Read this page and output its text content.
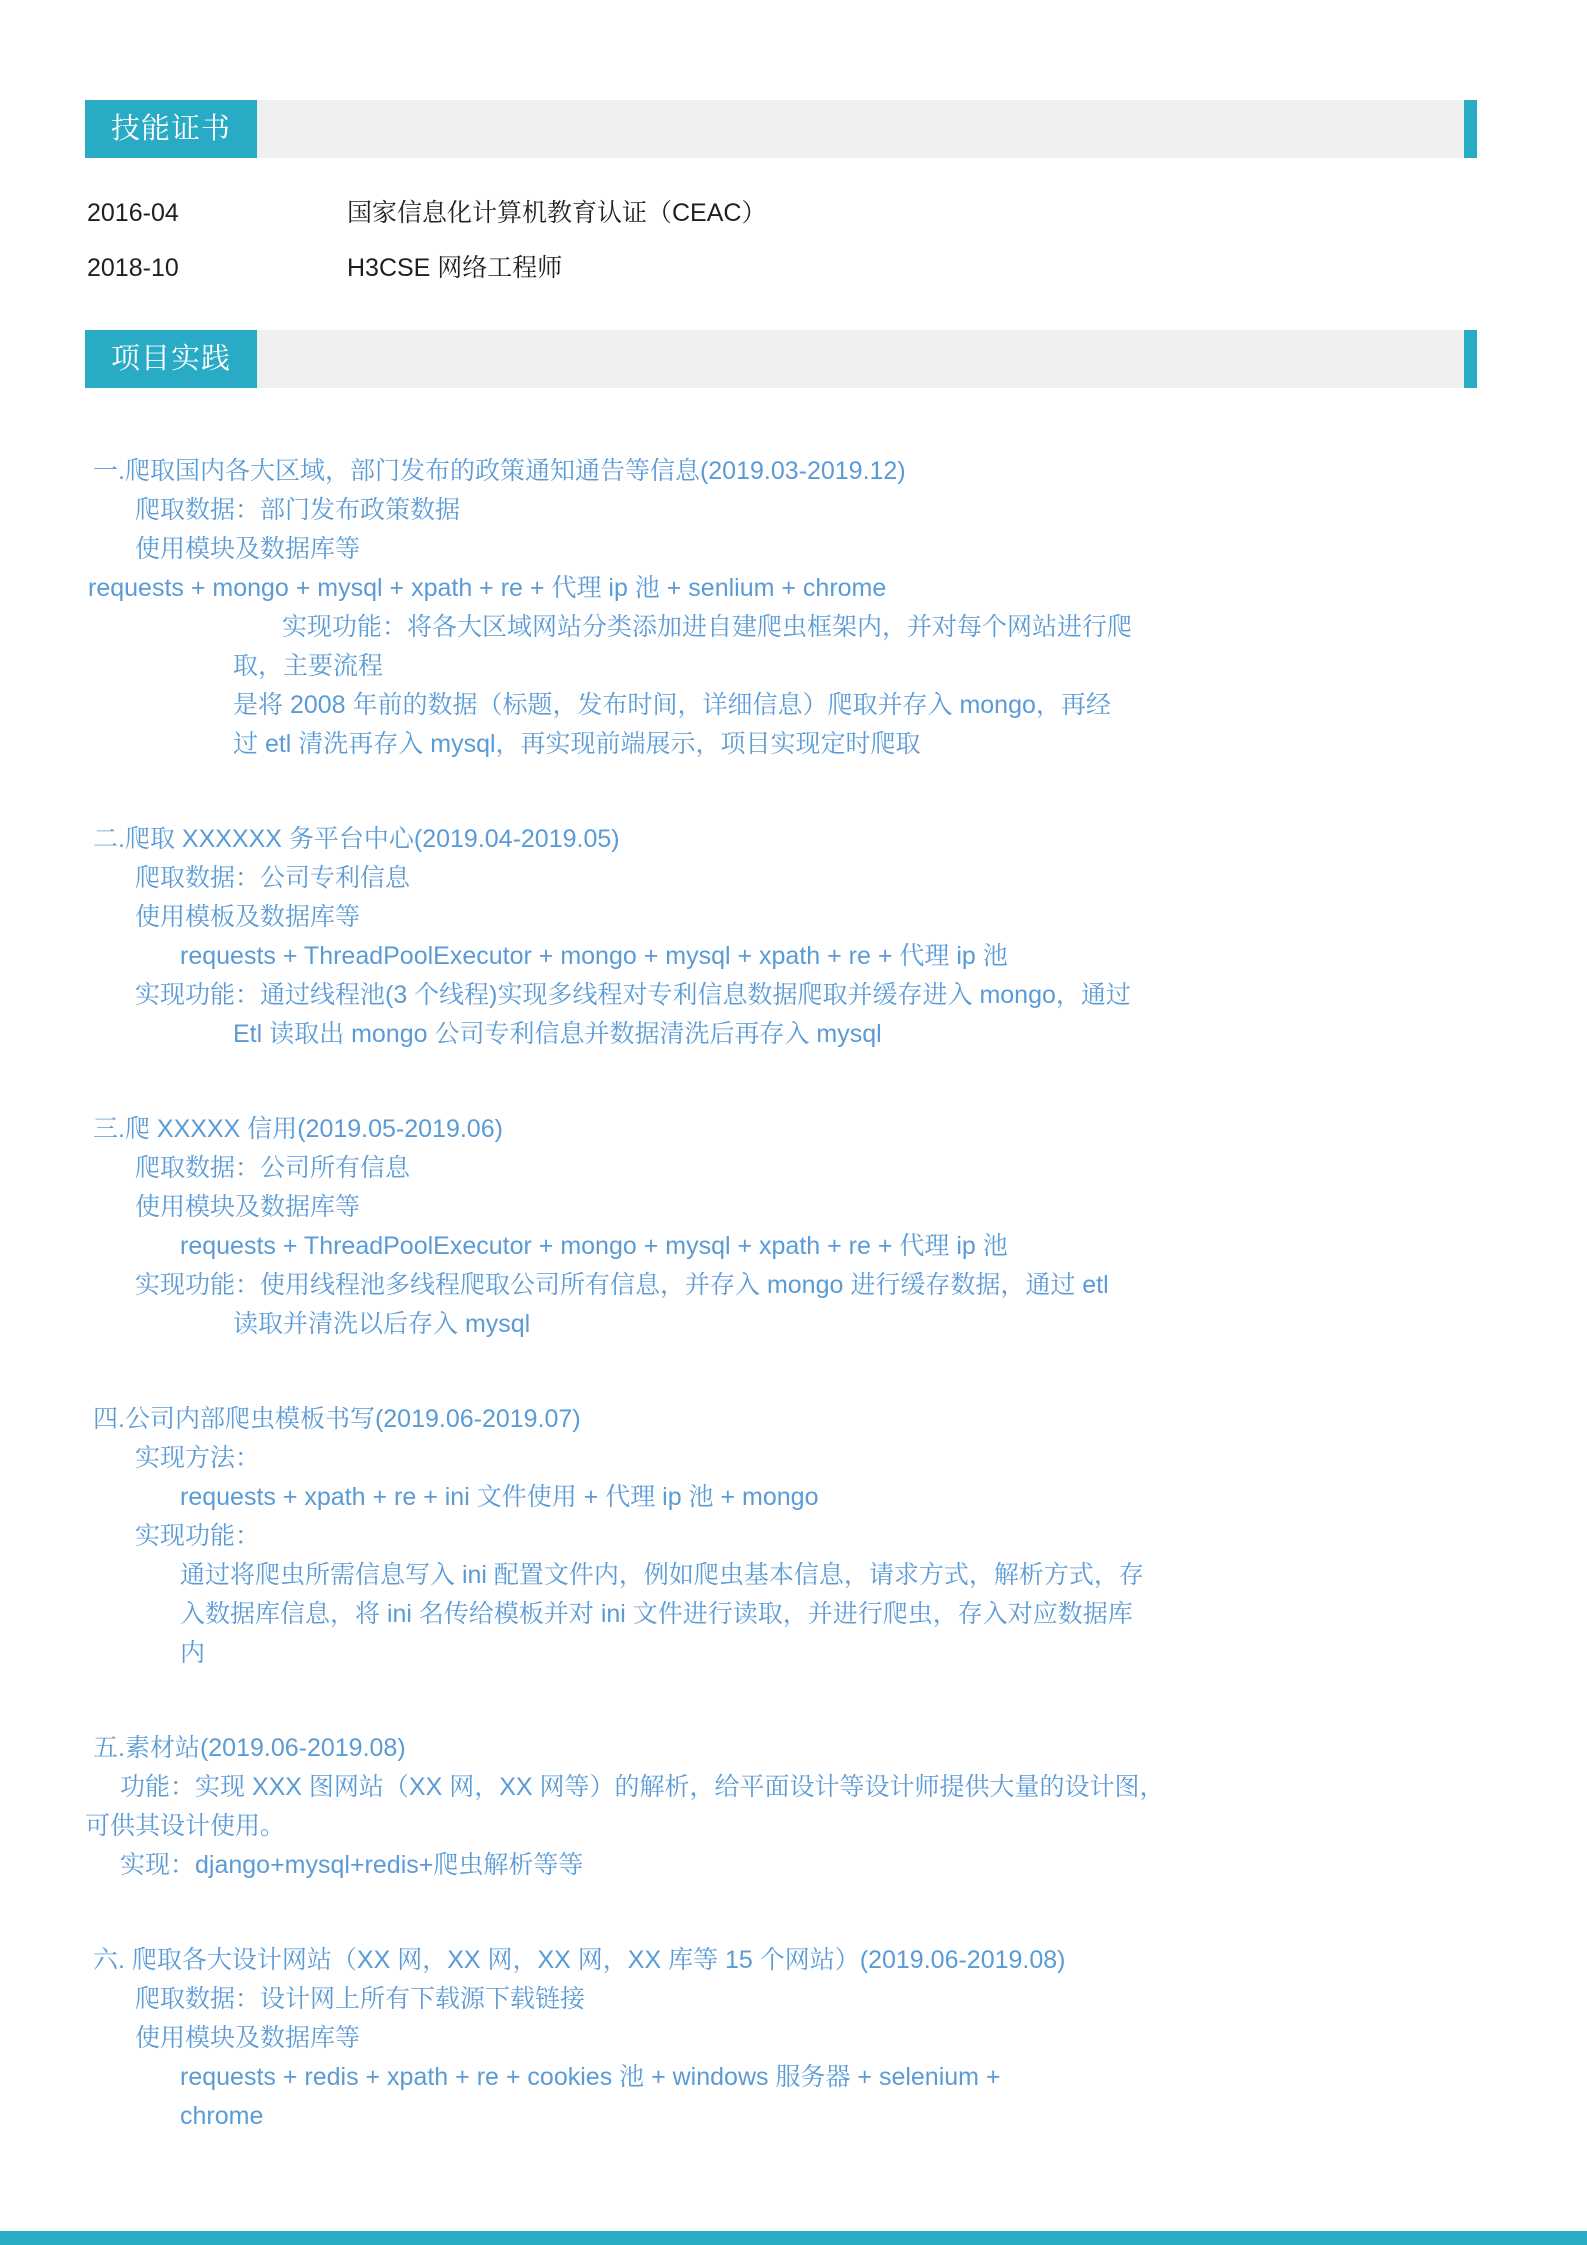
技能证书
2016-04	国家信息化计算机教育认证（CEAC）
2018-10	H3CSE 网络工程师
项目实践
一.爬取国内各大区域，部门发布的政策通知通告等信息(2019.03-2019.12)
爬取数据：部门发布政策数据
使用模块及数据库等
requests + mongo + mysql + xpath + re + 代理 ip 池 + senlium + chrome
实现功能：将各大区域网站分类添加进自建爬虫框架内，并对每个网站进行爬
取，主要流程
是将 2008 年前的数据（标题，发布时间，详细信息）爬取并存入 mongo，再经
过 etl 清洗再存入 mysql，再实现前端展示，项目实现定时爬取
二.爬取 XXXXXX 务平台中心(2019.04-2019.05)
爬取数据：公司专利信息
使用模板及数据库等
requests + ThreadPoolExecutor + mongo + mysql + xpath + re + 代理 ip 池
实现功能：通过线程池(3 个线程)实现多线程对专利信息数据爬取并缓存进入 mongo，通过
Etl 读取出 mongo 公司专利信息并数据清洗后再存入 mysql
三.爬 XXXXX 信用(2019.05-2019.06)
爬取数据：公司所有信息
使用模块及数据库等
requests + ThreadPoolExecutor + mongo + mysql + xpath + re + 代理 ip 池
实现功能：使用线程池多线程爬取公司所有信息，并存入 mongo 进行缓存数据，通过 etl
读取并清洗以后存入 mysql
四.公司内部爬虫模板书写(2019.06-2019.07)
实现方法：
requests + xpath + re + ini 文件使用 + 代理 ip 池 + mongo
实现功能：
通过将爬虫所需信息写入 ini 配置文件内，例如爬虫基本信息，请求方式，解析方式，存
入数据库信息，将 ini 名传给模板并对 ini 文件进行读取，并进行爬虫，存入对应数据库
内
五.素材站(2019.06-2019.08)
功能：实现 XXX 图网站（XX 网，XX 网等）的解析，给平面设计等设计师提供大量的设计图，
可供其设计使用。
实现：django+mysql+redis+爬虫解析等等
六. 爬取各大设计网站（XX 网，XX 网，XX 网，XX 库等 15 个网站）(2019.06-2019.08)
爬取数据：设计网上所有下载源下载链接
使用模块及数据库等
requests + redis + xpath + re + cookies 池 + windows 服务器 + selenium +
chrome
